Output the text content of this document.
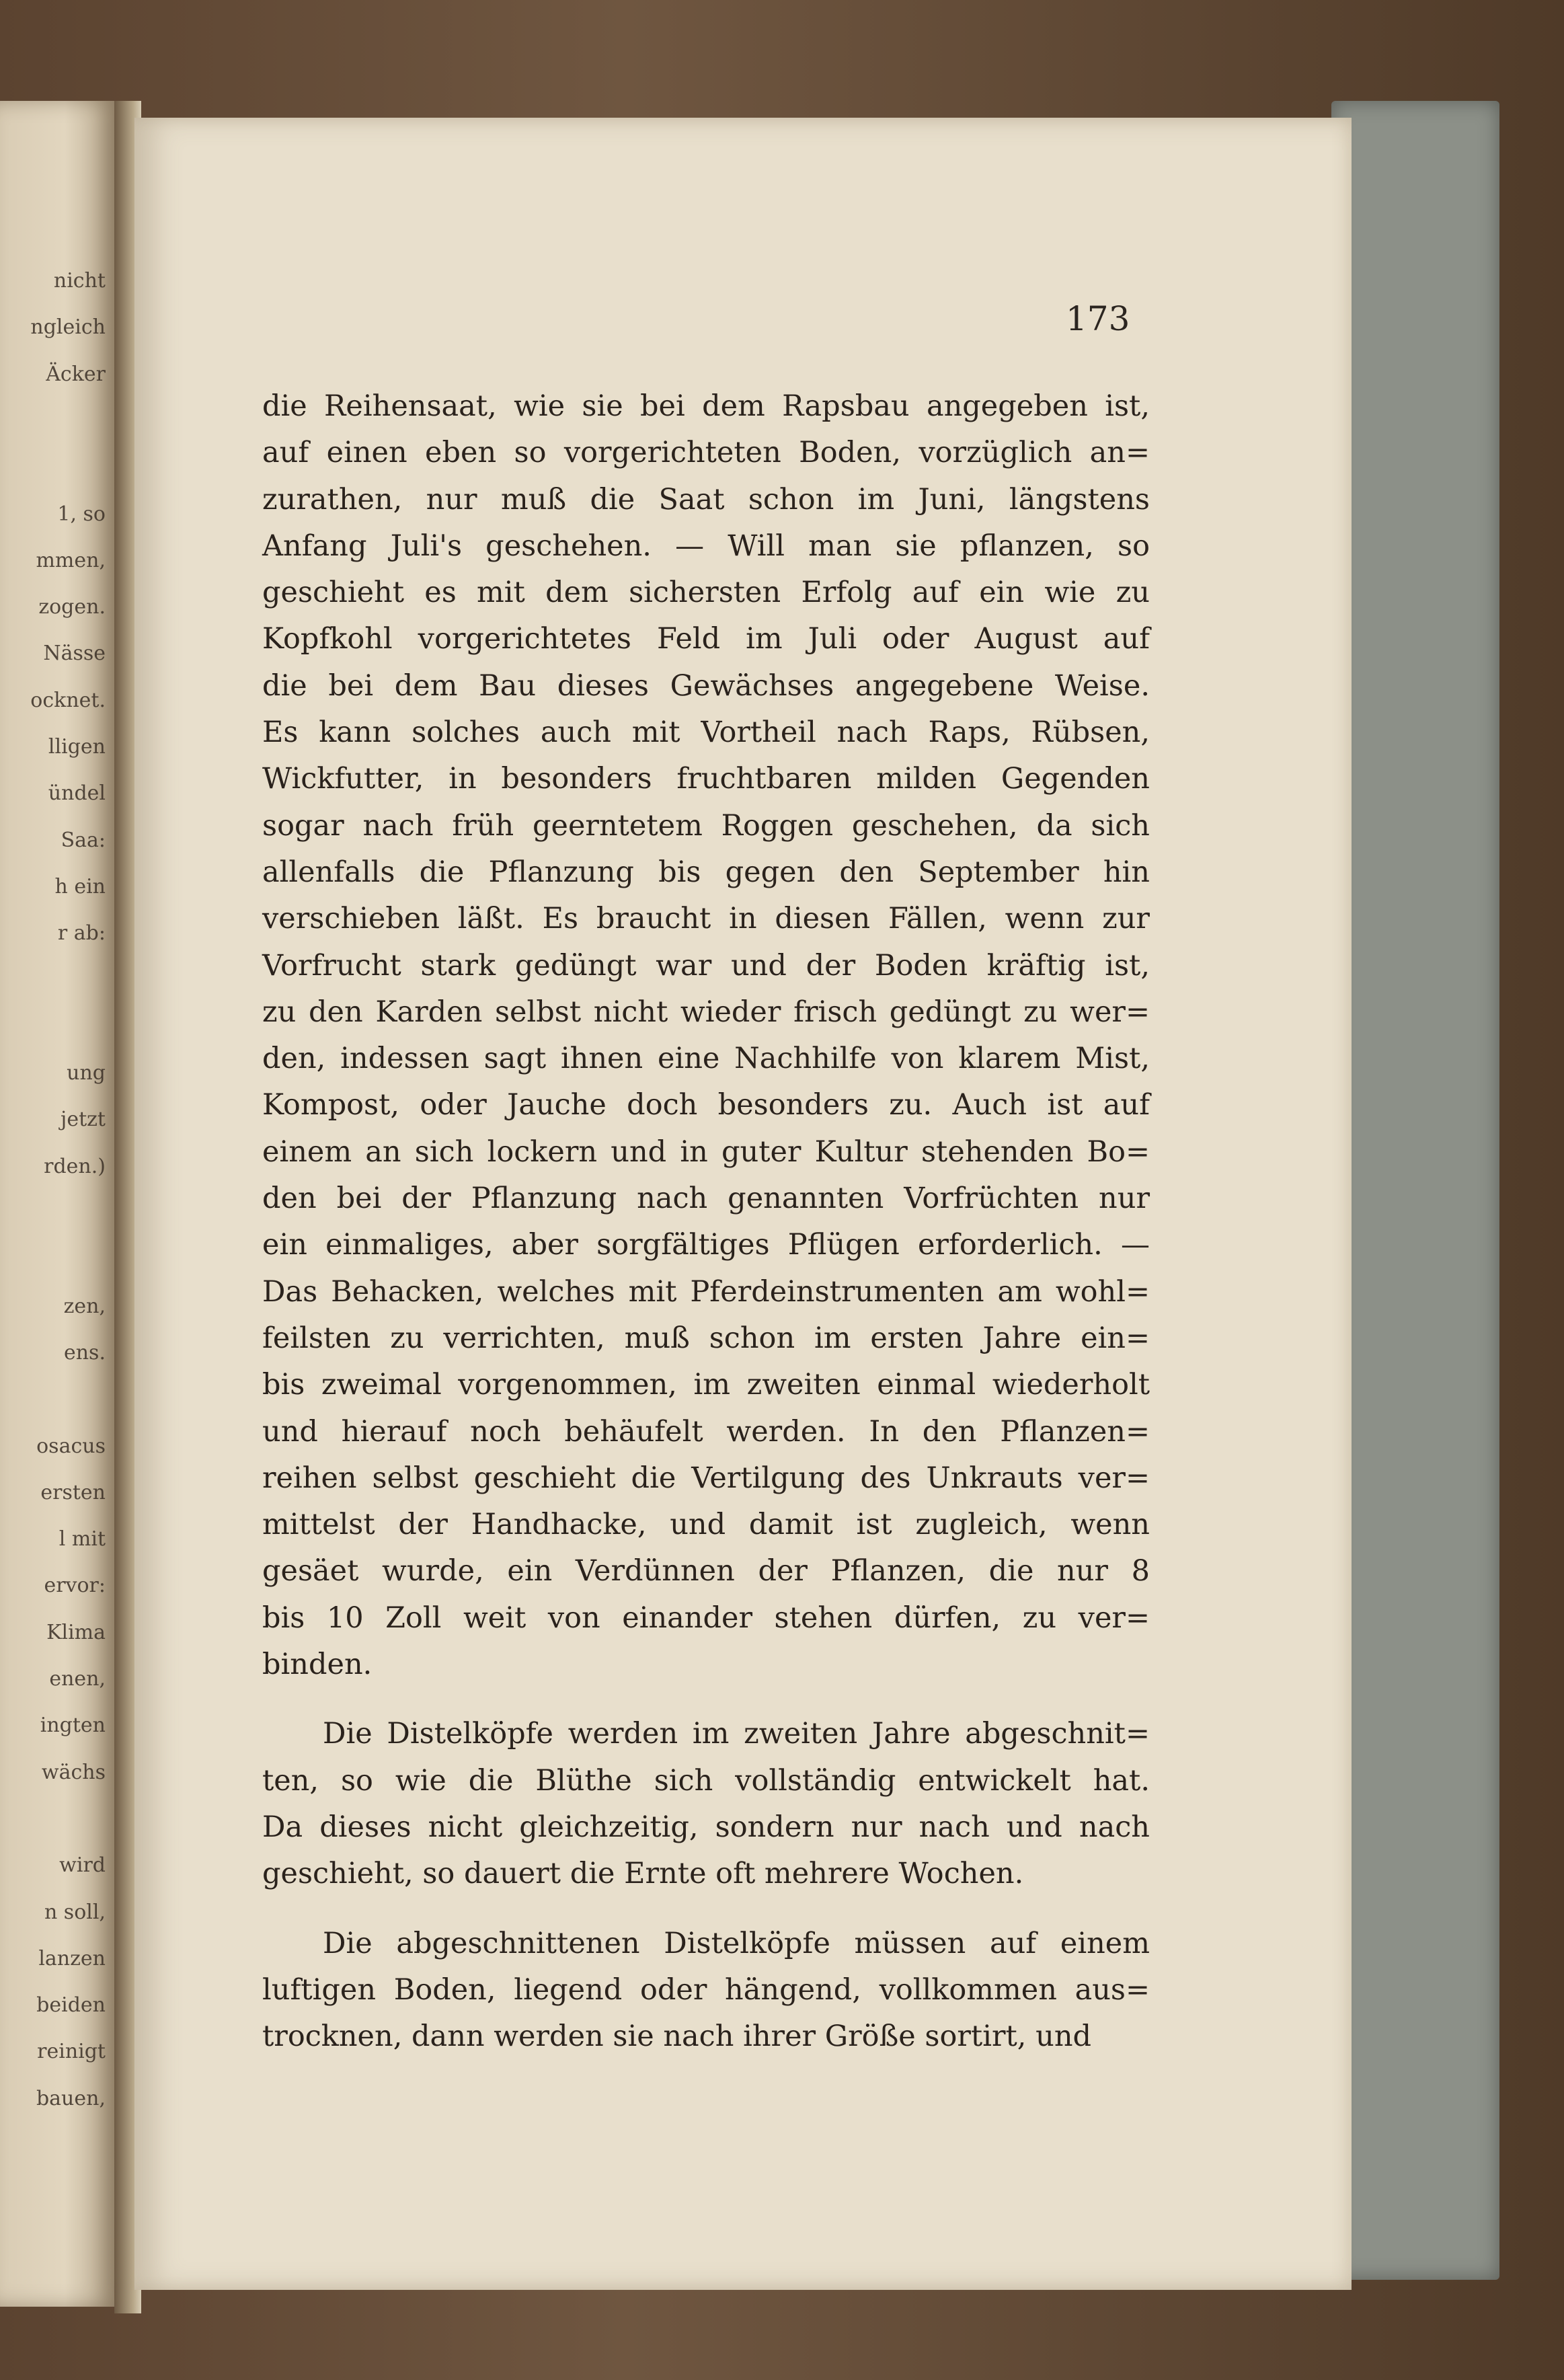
nicht
ngleich
Äcker
1, so
mmen,
zogen.
Nässe
ocknet.
lligen
ündel
Saa:
h ein
r ab:
ung
jetzt
rden.)
zen,
ens.
osacus
ersten
l mit
ervor:
Klima
enen,
ingten
wächs
wird
n soll,
lanzen
beiden
reinigt
bauen,
173
die Reihensaat, wie sie bei dem Rapsbau angegeben ist,
auf einen eben so vorgerichteten Boden, vorzüglich an=
zurathen, nur muß die Saat schon im Juni, längstens
Anfang Juli's geschehen. — Will man sie pflanzen, so
geschieht es mit dem sichersten Erfolg auf ein wie zu
Kopfkohl vorgerichtetes Feld im Juli oder August auf
die bei dem Bau dieses Gewächses angegebene Weise.
Es kann solches auch mit Vortheil nach Raps, Rübsen,
Wickfutter, in besonders fruchtbaren milden Gegenden
sogar nach früh geerntetem Roggen geschehen, da sich
allenfalls die Pflanzung bis gegen den September hin
verschieben läßt. Es braucht in diesen Fällen, wenn zur
Vorfrucht stark gedüngt war und der Boden kräftig ist,
zu den Karden selbst nicht wieder frisch gedüngt zu wer=
den, indessen sagt ihnen eine Nachhilfe von klarem Mist,
Kompost, oder Jauche doch besonders zu. Auch ist auf
einem an sich lockern und in guter Kultur stehenden Bo=
den bei der Pflanzung nach genannten Vorfrüchten nur
ein einmaliges, aber sorgfältiges Pflügen erforderlich. —
Das Behacken, welches mit Pferdeinstrumenten am wohl=
feilsten zu verrichten, muß schon im ersten Jahre ein=
bis zweimal vorgenommen, im zweiten einmal wiederholt
und hierauf noch behäufelt werden. In den Pflanzen=
reihen selbst geschieht die Vertilgung des Unkrauts ver=
mittelst der Handhacke, und damit ist zugleich, wenn
gesäet wurde, ein Verdünnen der Pflanzen, die nur 8
bis 10 Zoll weit von einander stehen dürfen, zu ver=
binden.
Die Distelköpfe werden im zweiten Jahre abgeschnit=
ten, so wie die Blüthe sich vollständig entwickelt hat.
Da dieses nicht gleichzeitig, sondern nur nach und nach
geschieht, so dauert die Ernte oft mehrere Wochen.
Die abgeschnittenen Distelköpfe müssen auf einem
luftigen Boden, liegend oder hängend, vollkommen aus=
trocknen, dann werden sie nach ihrer Größe sortirt, und
